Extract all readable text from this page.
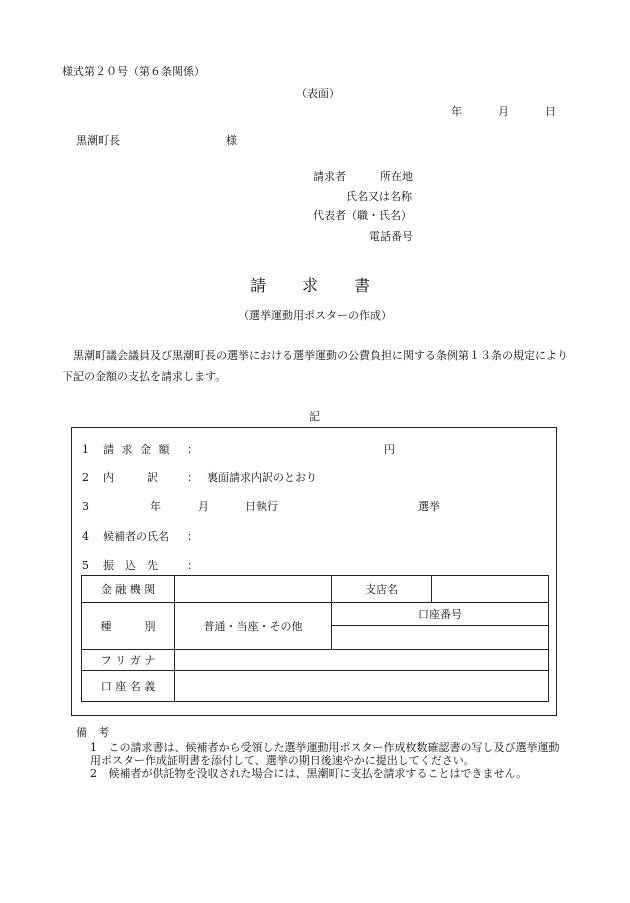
様式第２０号（第６条関係）
（表面）
年	月	日
黒潮町長	様
請求者	所在地
氏名又は名称
代表者（職・氏名）
電話番号
請　求　書
（選挙運動用ポスターの作成）
黒潮町議会議員及び黒潮町長の選挙における選挙運動の公費負担に関する条例第１３条の規定により下記の金額の支払を請求します。
記
1 請 求 金 額 ：	円
2 内　　　訳	： 裏面請求内訳のとおり
3	年	月	日執行	選挙
4 候補者の氏名 ：
5 振　込　先	：
金 融 機 関		支店名	
種　　　別	普通・当座・その他	口座番号	

フ リ ガ ナ			
口 座 名 義			
備　考
1 この請求書は、候補者から受領した選挙運動用ポスター作成枚数確認書の写し及び選挙運動用ポスター作成証明書を添付して、選挙の期日後速やかに提出してください。
2 候補者が供託物を没収された場合には、黒潮町に支払を請求することはできません。
